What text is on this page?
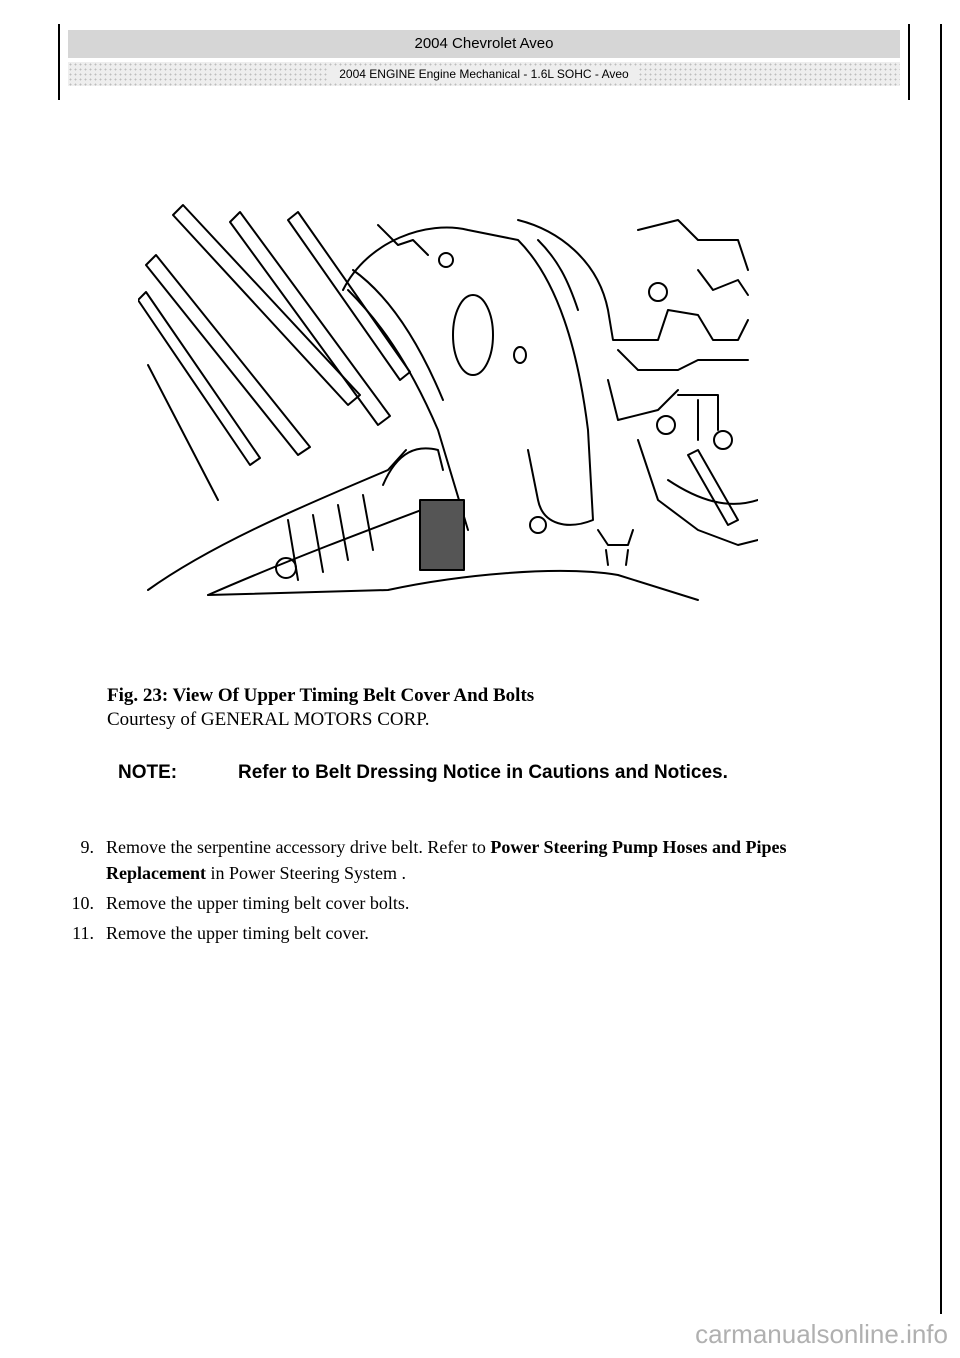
2004 Chevrolet Aveo
2004 ENGINE Engine Mechanical - 1.6L SOHC - Aveo
Fig. 23: View Of Upper Timing Belt Cover And Bolts
Courtesy of GENERAL MOTORS CORP.
NOTE:	Refer to Belt Dressing Notice in Cautions and Notices.
9. Remove the serpentine accessory drive belt. Refer to Power Steering Pump Hoses and Pipes Replacement in Power Steering System .
10. Remove the upper timing belt cover bolts.
11. Remove the upper timing belt cover.
carmanualsonline.info
